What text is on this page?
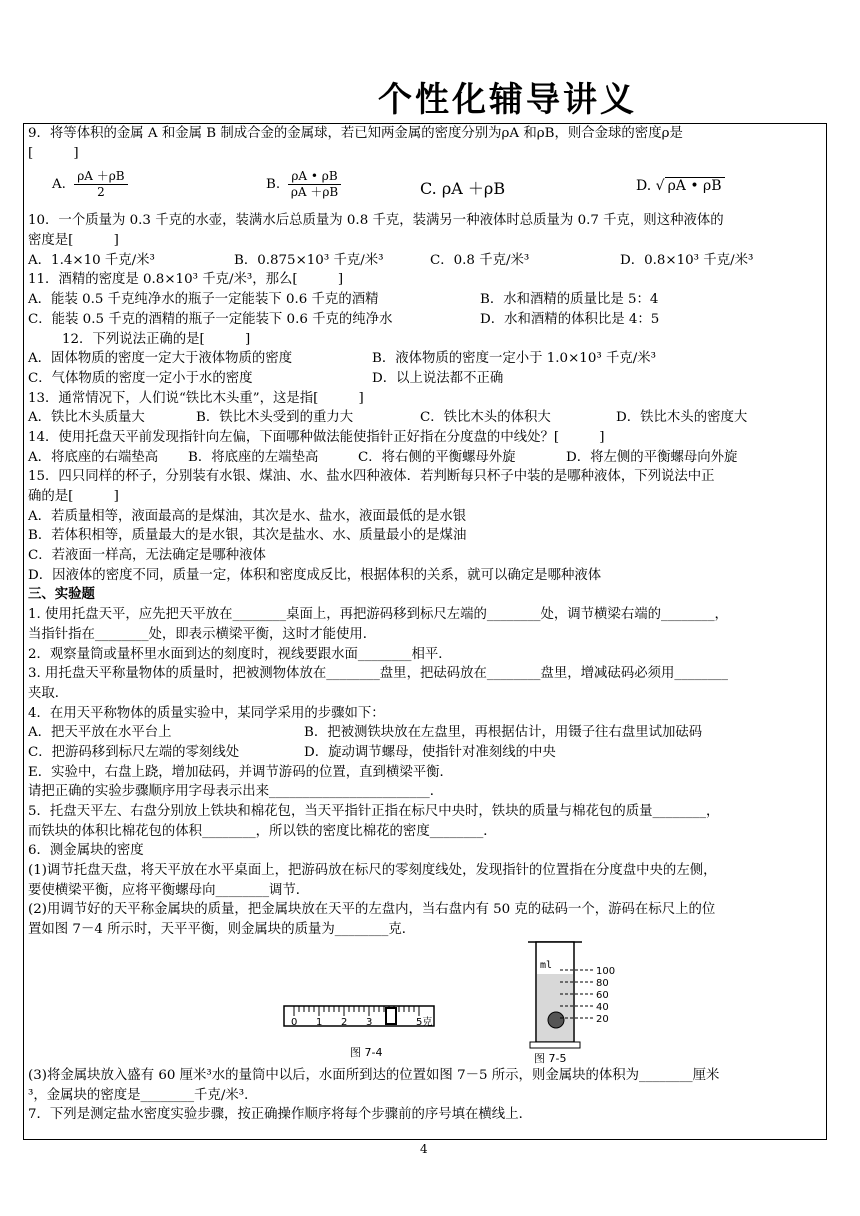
个性化辅导讲义
9．将等体积的金属 A 和金属 B 制成合金的金属球，若已知两金属的密度分别为ρA 和ρB，则合金球的密度ρ是
[　　　]
A. $\frac{\rho A +\rho B}{2}$	B. $\frac{\rho A • \rho B}{\rho A +\rho B}$	C. ρA ＋ρB	D. √ ρA • ρB
10．一个质量为 0.3 千克的水壶，装满水后总质量为 0.8 千克，装满另一种液体时总质量为 0.7 千克，则这种液体的
密度是[　　　]
A．1.4×10 千克/米³	B．0.875×10³ 千克/米³	C．0.8 千克/米³	D．0.8×10³ 千克/米³
11．酒精的密度是 0.8×10³ 千克/米³，那么[　　　]
A．能装 0.5 千克纯净水的瓶子一定能装下 0.6 千克的酒精	B．水和酒精的质量比是 5：4
C．能装 0.5 千克的酒精的瓶子一定能装下 0.6 千克的纯净水	D．水和酒精的体积比是 4：5
12．下列说法正确的是[　　　]
A．固体物质的密度一定大于液体物质的密度	B．液体物质的密度一定小于 1.0×10³ 千克/米³
C．气体物质的密度一定小于水的密度	D．以上说法都不正确
13．通常情况下，人们说“铁比木头重”，这是指[　　　]
A．铁比木头质量大	B．铁比木头受到的重力大	C．铁比木头的体积大	D．铁比木头的密度大
14．使用托盘天平前发现指针向左偏，下面哪种做法能使指针正好指在分度盘的中线处？[　　　]
A．将底座的右端垫高	B．将底座的左端垫高	C．将右侧的平衡螺母外旋	D．将左侧的平衡螺母向外旋
15．四只同样的杯子，分别装有水银、煤油、水、盐水四种液体．若判断每只杯子中装的是哪种液体，下列说法中正
确的是[　　　]
A．若质量相等，液面最高的是煤油，其次是水、盐水，液面最低的是水银
B．若体积相等，质量最大的是水银，其次是盐水、水、质量最小的是煤油
C．若液面一样高，无法确定是哪种液体
D．因液体的密度不同，质量一定，体积和密度成反比，根据体积的关系，就可以确定是哪种液体
三、实验题
1. 使用托盘天平，应先把天平放在________桌面上，再把游码移到标尺左端的________处，调节横梁右端的________，
当指针指在________处，即表示横梁平衡，这时才能使用．
2．观察量筒或量杯里水面到达的刻度时，视线要跟水面________相平．
3. 用托盘天平称量物体的质量时，把被测物体放在________盘里，把砝码放在________盘里，增减砝码必须用________
夹取．
4．在用天平称物体的质量实验中，某同学采用的步骤如下：
A．把天平放在水平台上	B．把被测铁块放在左盘里，再根据估计，用镊子往右盘里试加砝码
C．把游码移到标尺左端的零刻线处	D．旋动调节螺母，使指针对准刻线的中央
E．实验中，右盘上跷，增加砝码，并调节游码的位置，直到横梁平衡．
请把正确的实验步骤顺序用字母表示出来________________________．
5．托盘天平左、右盘分别放上铁块和棉花包，当天平指针正指在标尺中央时，铁块的质量与棉花包的质量________，
而铁块的体积比棉花包的体积________，所以铁的密度比棉花的密度________．
6．测金属块的密度
(1)调节托盘天盘，将天平放在水平桌面上，把游码放在标尺的零刻度线处，发现指针的位置指在分度盘中央的左侧，
要使横梁平衡，应将平衡螺母向________调节．
(2)用调节好的天平称金属块的质量，把金属块放在天平的左盘内，当右盘内有 50 克的砝码一个，游码在标尺上的位
置如图 7－4 所示时，天平平衡，则金属块的质量为________克．
0 1 2 3	5克
图 7-4
ml
100
80
60
40
20
图 7-5
(3)将金属块放入盛有 60 厘米³水的量筒中以后，水面所到达的位置如图 7－5 所示，则金属块的体积为________厘米
³，金属块的密度是________千克/米³．
7．下列是测定盐水密度实验步骤，按正确操作顺序将每个步骤前的序号填在横线上．
4
